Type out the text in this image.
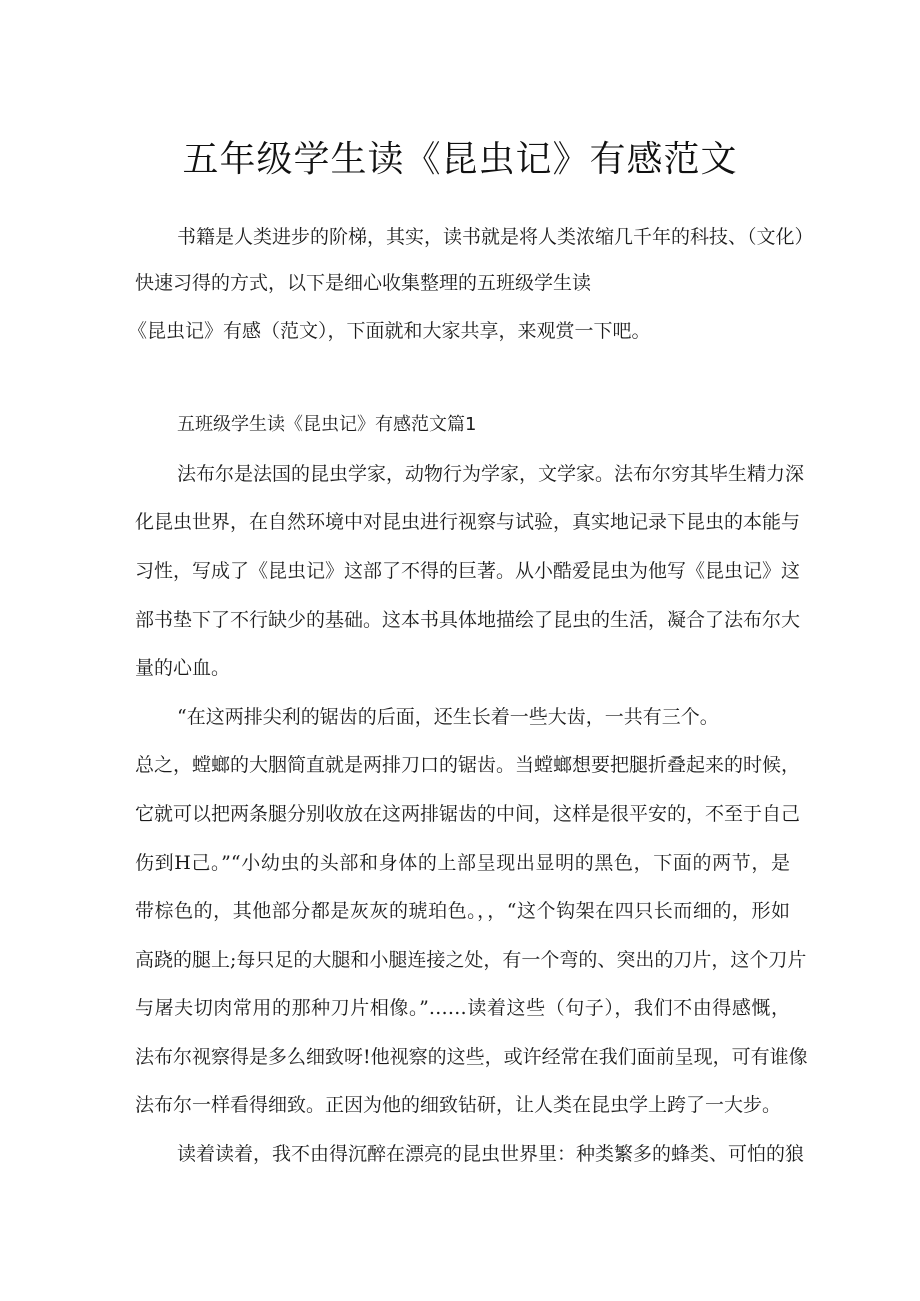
五年级学生读《昆虫记》有感范文
书籍是人类进步的阶梯，其实，读书就是将人类浓缩几千年的科技、（文化）
快速习得的方式，以下是细心收集整理的五班级学生读
《昆虫记》有感（范文），下面就和大家共享，来观赏一下吧。
五班级学生读《昆虫记》有感范文篇1
法布尔是法国的昆虫学家，动物行为学家，文学家。法布尔穷其毕生精力深
化昆虫世界，在自然环境中对昆虫进行视察与试验，真实地记录下昆虫的本能与
习性，写成了《昆虫记》这部了不得的巨著。从小酷爱昆虫为他写《昆虫记》这
部书垫下了不行缺少的基础。这本书具体地描绘了昆虫的生活，凝合了法布尔大
量的心血。
“在这两排尖利的锯齿的后面，还生长着一些大齿，一共有三个。
总之，螳螂的大胭简直就是两排刀口的锯齿。当螳螂想要把腿折叠起来的时候，
它就可以把两条腿分别收放在这两排锯齿的中间，这样是很平安的，不至于自己
伤到H己。”“小幼虫的头部和身体的上部呈现出显明的黑色，下面的两节，是
带棕色的，其他部分都是灰灰的琥珀色。，，“这个钩架在四只长而细的，形如
高跷的腿上;每只足的大腿和小腿连接之处，有一个弯的、突出的刀片，这个刀片
与屠夫切肉常用的那种刀片相像。”……读着这些（句子），我们不由得感慨，
法布尔视察得是多么细致呀!他视察的这些，或许经常在我们面前呈现，可有谁像
法布尔一样看得细致。正因为他的细致钻研，让人类在昆虫学上跨了一大步。
读着读着，我不由得沉醉在漂亮的昆虫世界里：种类繁多的蜂类、可怕的狼
